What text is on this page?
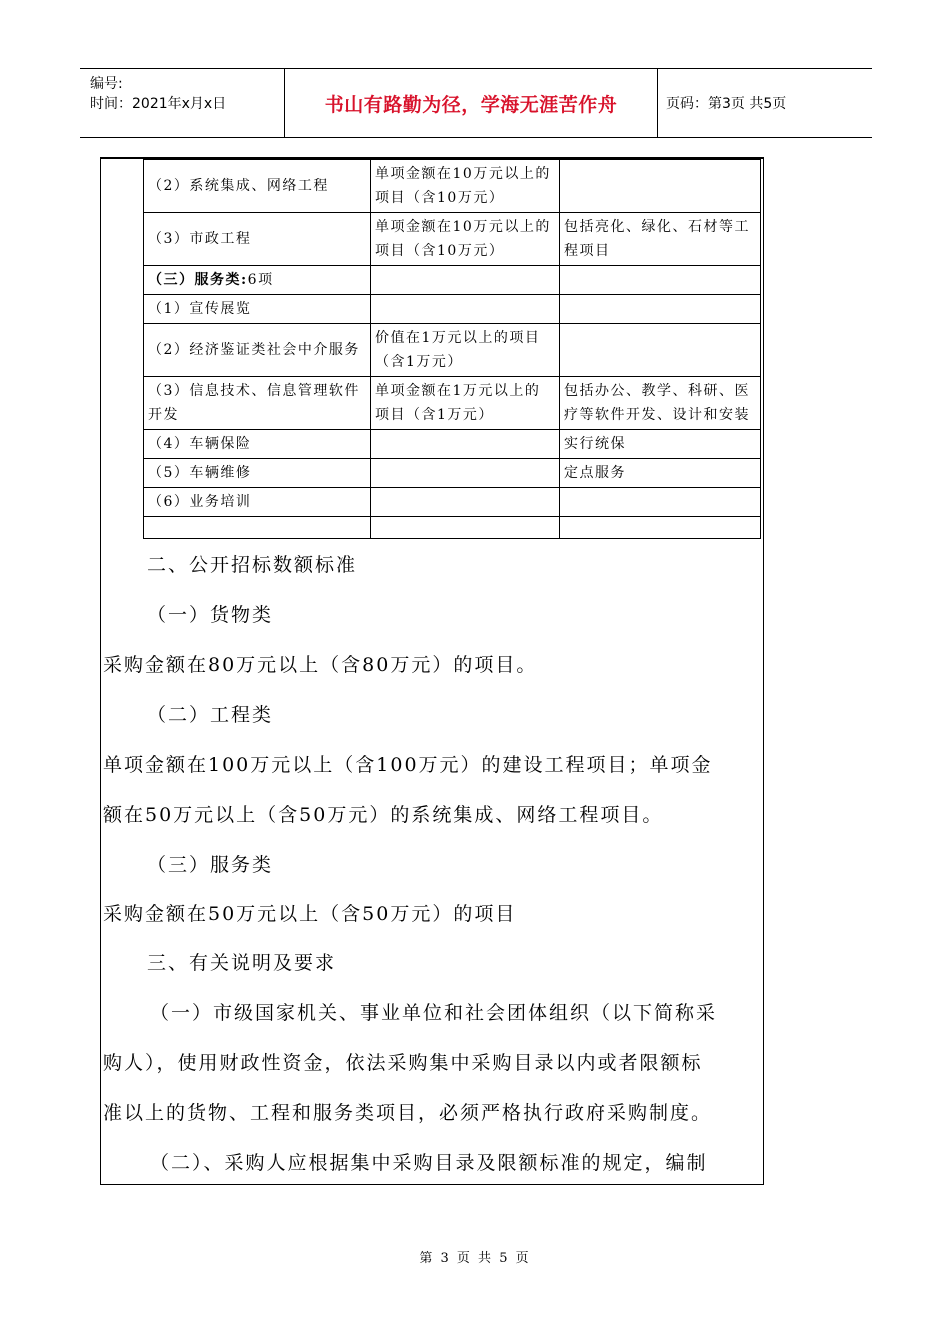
编号:
时间：2021年x月x日	书山有路勤为径，学海无涯苦作舟	页码：第3页 共5页
（2）系统集成、网络工程	单项金额在10万元以上的项目（含10万元）	
（3）市政工程	单项金额在10万元以上的项目（含10万元）	包括亮化、绿化、石材等工程项目
（三）服务类:6项		
（1）宣传展览		
（2）经济鉴证类社会中介服务	价值在1万元以上的项目（含1万元）	
（3）信息技术、信息管理软件开发	单项金额在1万元以上的项目（含1万元）	包括办公、教学、科研、医疗等软件开发、设计和安装
（4）车辆保险		实行统保
（5）车辆维修		定点服务
（6）业务培训		

二、公开招标数额标准
（一）货物类
采购金额在80万元以上（含80万元）的项目。
（二）工程类
单项金额在100万元以上（含100万元）的建设工程项目；单项金
额在50万元以上（含50万元）的系统集成、网络工程项目。
（三）服务类
采购金额在50万元以上（含50万元）的项目
三、有关说明及要求
（一）市级国家机关、事业单位和社会团体组织（以下简称采
购人），使用财政性资金，依法采购集中采购目录以内或者限额标
准以上的货物、工程和服务类项目，必须严格执行政府采购制度。
（二）、采购人应根据集中采购目录及限额标准的规定，编制
第 3 页 共 5 页
